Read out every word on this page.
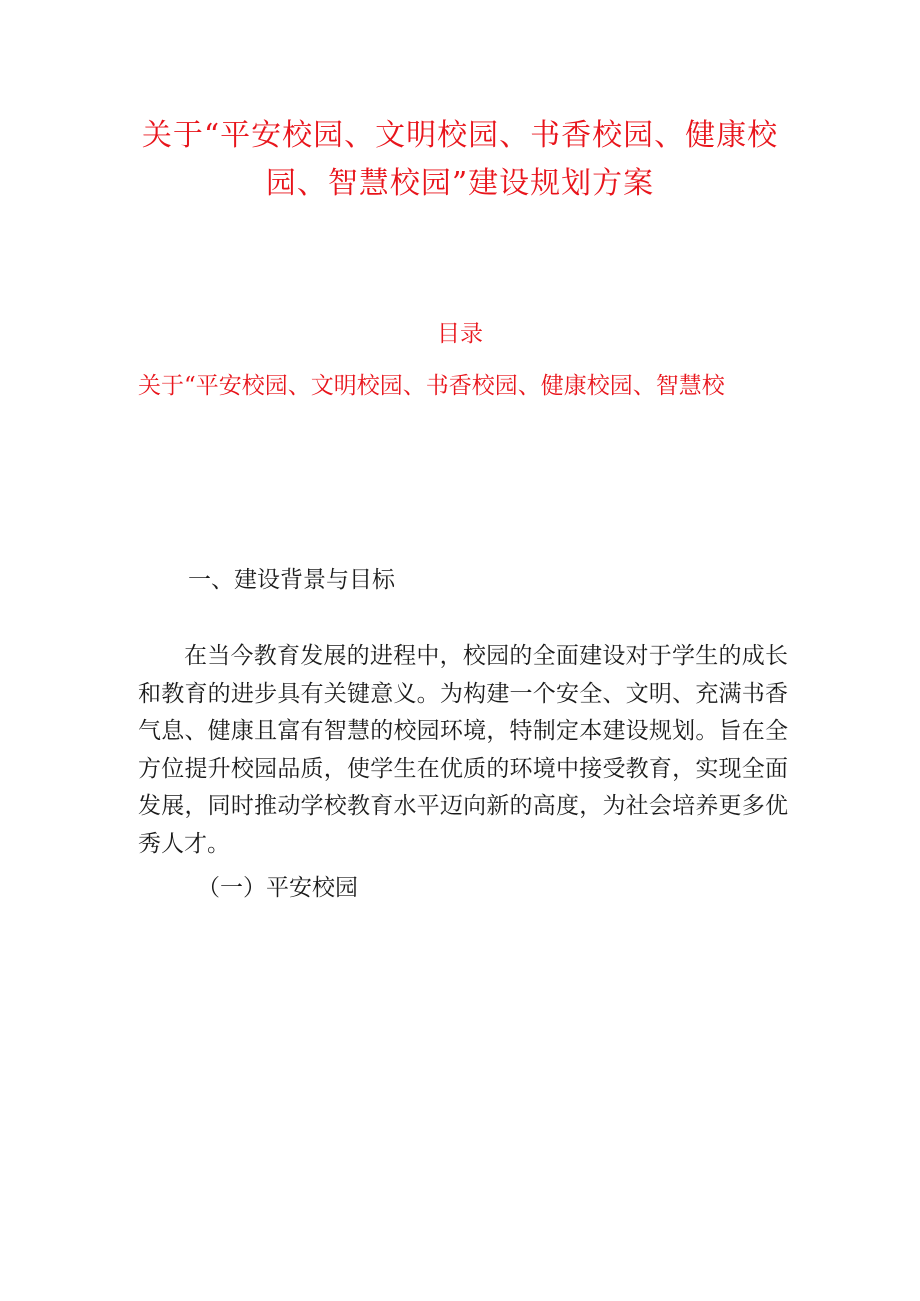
关于“平安校园、文明校园、书香校园、健康校园、智慧校园”建设规划方案
目录
关于“平安校园、文明校园、书香校园、健康校园、智慧校
一、建设背景与目标
在当今教育发展的进程中，校园的全面建设对于学生的成长和教育的进步具有关键意义。为构建一个安全、文明、充满书香气息、健康且富有智慧的校园环境，特制定本建设规划。旨在全方位提升校园品质，使学生在优质的环境中接受教育，实现全面发展，同时推动学校教育水平迈向新的高度，为社会培养更多优秀人才。
（一）平安校园
